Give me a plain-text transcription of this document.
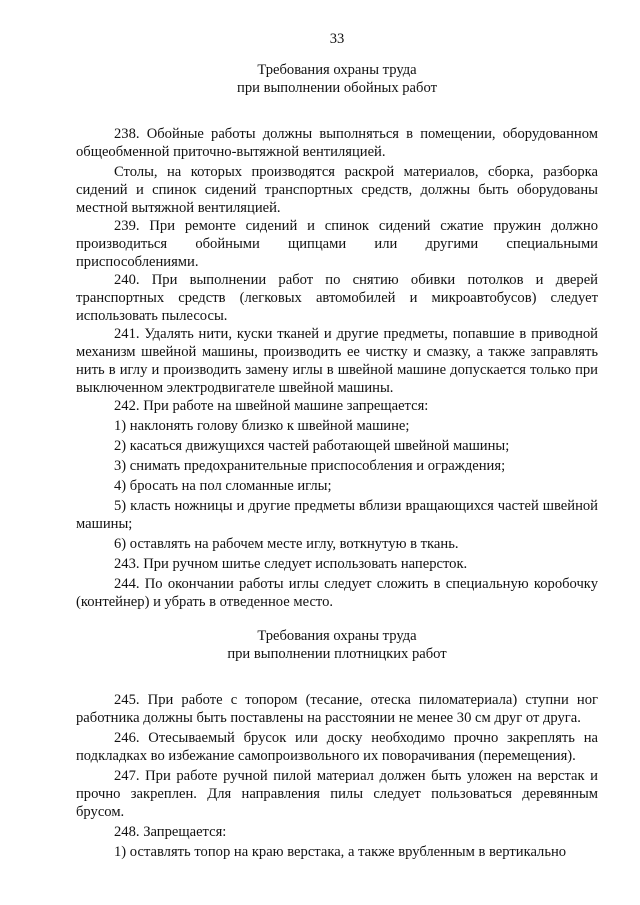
33

Требования охраны труда

при выполнении обойных работ

238. Обойные работы должны выполняться в помещении, оборудованном общеобменной приточно-вытяжной вентиляцией.

Столы, на которых производятся раскрой материалов, сборка, разборка сидений и спинок сидений транспортных средств, должны быть оборудованы местной вытяжной вентиляцией.

239. При ремонте сидений и спинок сидений сжатие пружин должно производиться обойными щипцами или другими специальными приспособлениями.

240. При выполнении работ по снятию обивки потолков и дверей транспортных средств (легковых автомобилей и микроавтобусов) следует использовать пылесосы.

241. Удалять нити, куски тканей и другие предметы, попавшие в приводной механизм швейной машины, производить ее чистку и смазку, а также заправлять нить в иглу и производить замену иглы в швейной машине допускается только при выключенном электродвигателе швейной машины.

242. При работе на швейной машине запрещается:

1) наклонять голову близко к швейной машине;

2) касаться движущихся частей работающей швейной машины;

3) снимать предохранительные приспособления и ограждения;

4) бросать на пол сломанные иглы;

5) класть ножницы и другие предметы вблизи вращающихся частей швейной машины;

6) оставлять на рабочем месте иглу, воткнутую в ткань.

243. При ручном шитье следует использовать наперсток.

244. По окончании работы иглы следует сложить в специальную коробочку (контейнер) и убрать в отведенное место.

Требования охраны труда

при выполнении плотницких работ

245. При работе с топором (тесание, отеска пиломатериала) ступни ног работника должны быть поставлены на расстоянии не менее 30 см друг от друга.

246. Отесываемый брусок или доску необходимо прочно закреплять на подкладках во избежание самопроизвольного их поворачивания (перемещения).

247. При работе ручной пилой материал должен быть уложен на верстак и прочно закреплен. Для направления пилы следует пользоваться деревянным брусом.

248. Запрещается:

1) оставлять топор на краю верстака, а также врубленным в вертикально
